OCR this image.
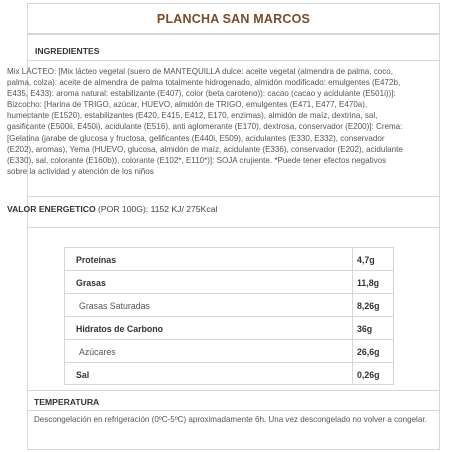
PLANCHA SAN MARCOS
INGREDIENTES
Mix LÁCTEO: [Mix lácteo vegetal (suero de MANTEQUILLA dulce: aceite vegetal (almendra de palma, coco, palma, colza): aceite de almendra de palma totalmente hidrogenado, almidón modificado: emulgentes (E472b, E435, E433): aroma natural: estabilizante (E407), color (beta caroteno)): cacao (cacao y acidulante (E501i))]: Bizcocho: [Harina de TRIGO, azúcar, HUEVO, almidón de TRIGO, emulgentes (E471, E477, E470a), humectante (E1520), estabilizantes (E420, E415, E412, E170, enzimas), almidón de maíz, dextrina, sal, gasificante (E500ii, E450i), acidulante (E516), anti aglomerante (E170), dextrosa, conservador (E200)]: Crema: [Gelatina (jarabe de glucosa y fructosa, gelificantes (E440i, E509), acidulantes (E330, E332), conservador (E202), aromas), Yema (HUEVO, glucosa, almidón de maíz, acidulante (E336), conservador (E202), acidulante (E330), sal, colorante (E160b)), colorante (E102*, E110*)]: SOJA crujiente. *Puede tener efectos negativos sobre la actividad y atención de los niños
VALOR ENERGETICO (POR 100G): 1152 KJ/ 275Kcal
Proteínas	4,7g
Grasas	11,8g
Grasas Saturadas	8,26g
Hidratos de Carbono	36g
Azúcares	26,6g
Sal	0,26g
TEMPERATURA
Descongelación en refrigeración (0ºC-5ºC) aproximadamente 6h. Una vez descongelado no volver a congelar.
